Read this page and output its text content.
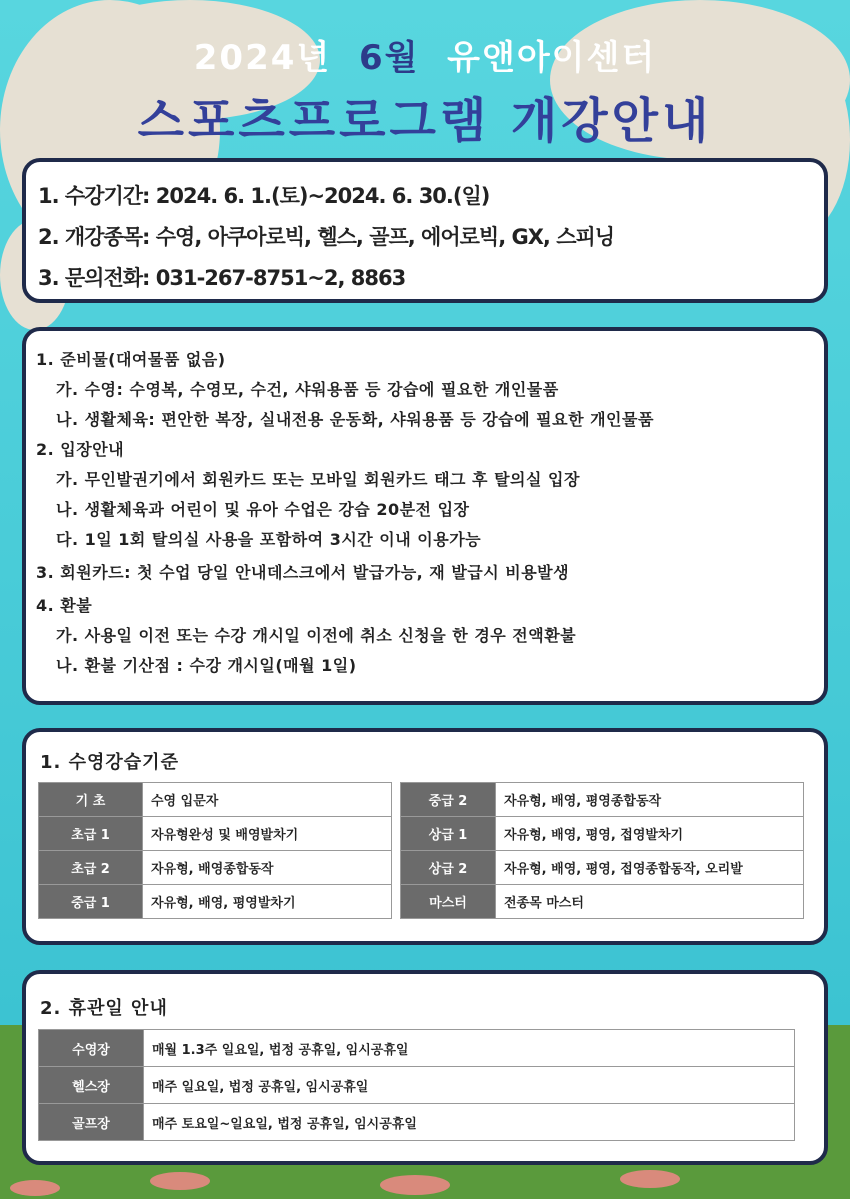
2024년 6월 유앤아이센터
스포츠프로그램 개강안내
1. 수강기간: 2024. 6. 1.(토)~2024. 6. 30.(일)
2. 개강종목: 수영, 아쿠아로빅, 헬스, 골프, 에어로빅, GX, 스피닝
3. 문의전화: 031-267-8751~2, 8863
1. 준비물(대여물품 없음)
가. 수영: 수영복, 수영모, 수건, 샤워용품 등 강습에 필요한 개인물품
나. 생활체육: 편안한 복장, 실내전용 운동화, 샤워용품 등 강습에 필요한 개인물품
2. 입장안내
가. 무인발권기에서 회원카드 또는 모바일 회원카드 태그 후 탈의실 입장
나. 생활체육과 어린이 및 유아 수업은 강습 20분전 입장
다. 1일 1회 탈의실 사용을 포함하여 3시간 이내 이용가능
3. 회원카드: 첫 수업 당일 안내데스크에서 발급가능, 재 발급시 비용발생
4. 환불
가. 사용일 이전 또는 수강 개시일 이전에 취소 신청을 한 경우 전액환불
나. 환불 기산점 : 수강 개시일(매월 1일)
1. 수영강습기준
기 초	수영 입문자
초급 1	자유형완성 및 배영발차기
초급 2	자유형, 배영종합동작
중급 1	자유형, 배영, 평영발차기
중급 2	자유형, 배영, 평영종합동작
상급 1	자유형, 배영, 평영, 접영발차기
상급 2	자유형, 배영, 평영, 접영종합동작, 오리발
마스터	전종목 마스터
2. 휴관일 안내
수영장	매월 1.3주 일요일, 법정 공휴일, 임시공휴일
헬스장	매주 일요일, 법정 공휴일, 임시공휴일
골프장	매주 토요일~일요일, 법정 공휴일, 임시공휴일
